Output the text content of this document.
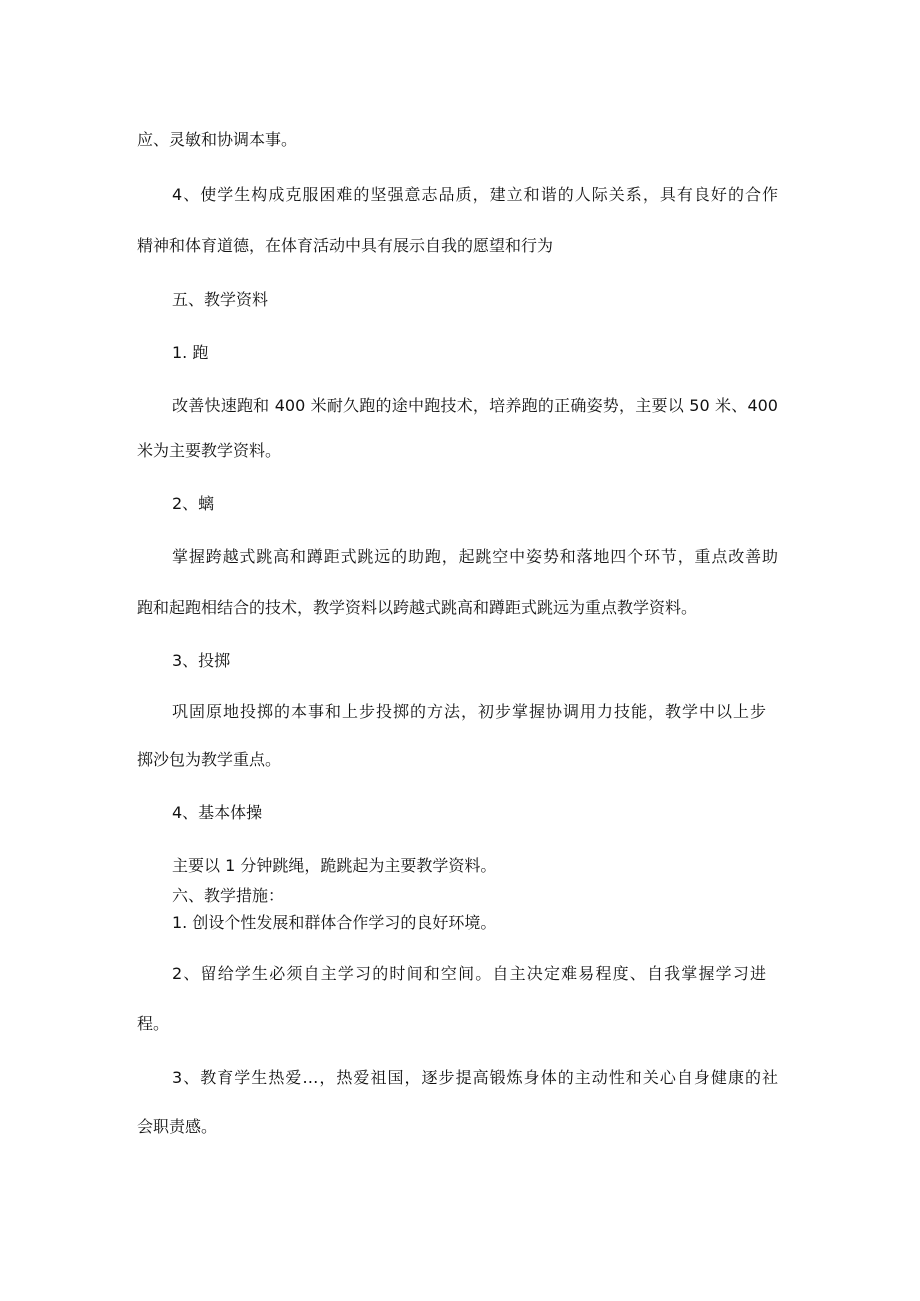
应、灵敏和协调本事。

4、使学生构成克服困难的坚强意志品质，建立和谐的人际关系，具有良好的合作

精神和体育道德，在体育活动中具有展示自我的愿望和行为

五、教学资料

1. 跑

改善快速跑和 400 米耐久跑的途中跑技术，培养跑的正确姿势，主要以 50 米、400

米为主要教学资料。

2、螭

掌握跨越式跳高和蹲距式跳远的助跑，起跳空中姿势和落地四个环节，重点改善助

跑和起跑相结合的技术，教学资料以跨越式跳高和蹲距式跳远为重点教学资料。

3、投掷

巩固原地投掷的本事和上步投掷的方法，初步掌握协调用力技能，教学中以上步

掷沙包为教学重点。

4、基本体操

主要以 1 分钟跳绳，跪跳起为主要教学资料。

六、教学措施：

1. 创设个性发展和群体合作学习的良好环境。

2、留给学生必须自主学习的时间和空间。自主决定难易程度、自我掌握学习进

程。

3、教育学生热爱…，热爱祖国，逐步提高锻炼身体的主动性和关心自身健康的社

会职责感。
